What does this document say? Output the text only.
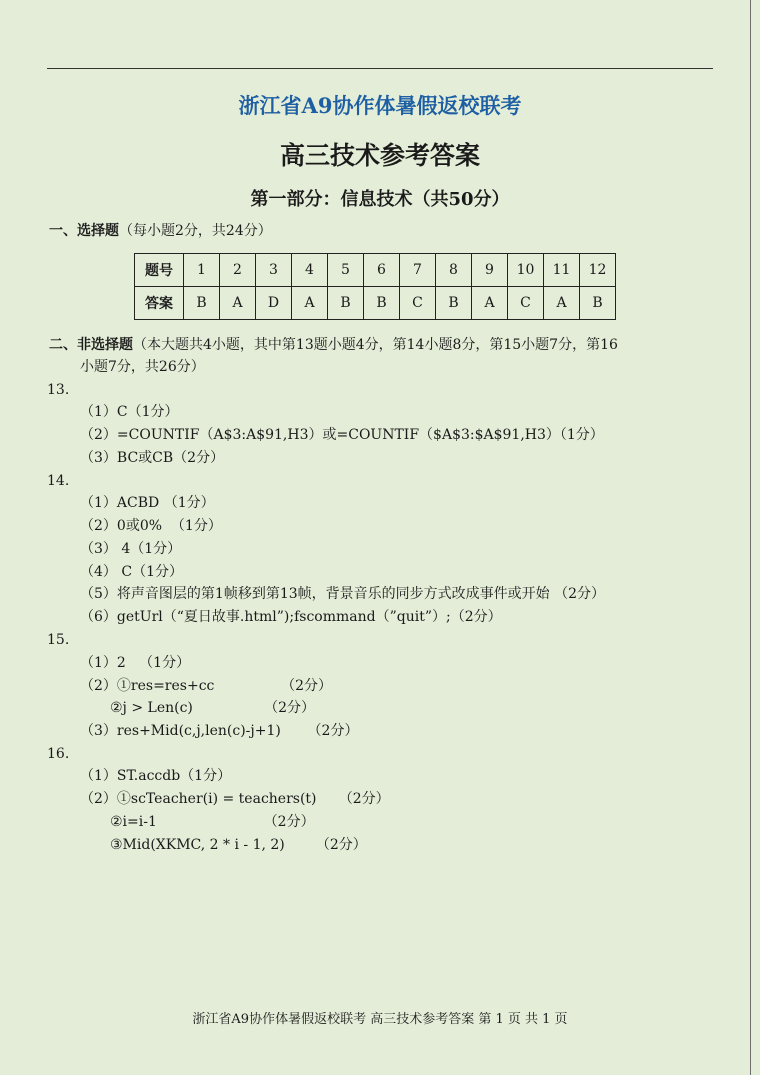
浙江省A9协作体暑假返校联考
高三技术参考答案
第一部分：信息技术（共50分）
一、选择题（每小题2分，共24分）
题号	1	2	3	4	5	6	7	8	9	10	11	12
答案	B	A	D	A	B	B	C	B	A	C	A	B
二、非选择题（本大题共4小题，其中第13题小题4分，第14小题8分，第15小题7分，第16
小题7分，共26分）
13.
（1）C（1分）
（2）=COUNTIF（A$3:A$91,H3）或=COUNTIF（$A$3:$A$91,H3）（1分）
（3）BC或CB（2分）
14.
（1）ACBD （1分）
（2）0或0%  （1分）
（3） 4（1分）
（4） C（1分）
（5）将声音图层的第1帧移到第13帧，背景音乐的同步方式改成事件或开始 （2分）
（6）getUrl（“夏日故事.html”);fscommand（”quit”）;（2分）
15.
（1）2   （1分）
（2）①res=res+cc               （2分）
②j > Len(c)                （2分）
（3）res+Mid(c,j,len(c)-j+1)      （2分）
16.
（1）ST.accdb（1分）
（2）①scTeacher(i) = teachers(t)     （2分）
②i=i-1                        （2分）
③Mid(XKMC, 2 * i - 1, 2)       （2分）
浙江省A9协作体暑假返校联考 高三技术参考答案 第 1 页 共 1 页
